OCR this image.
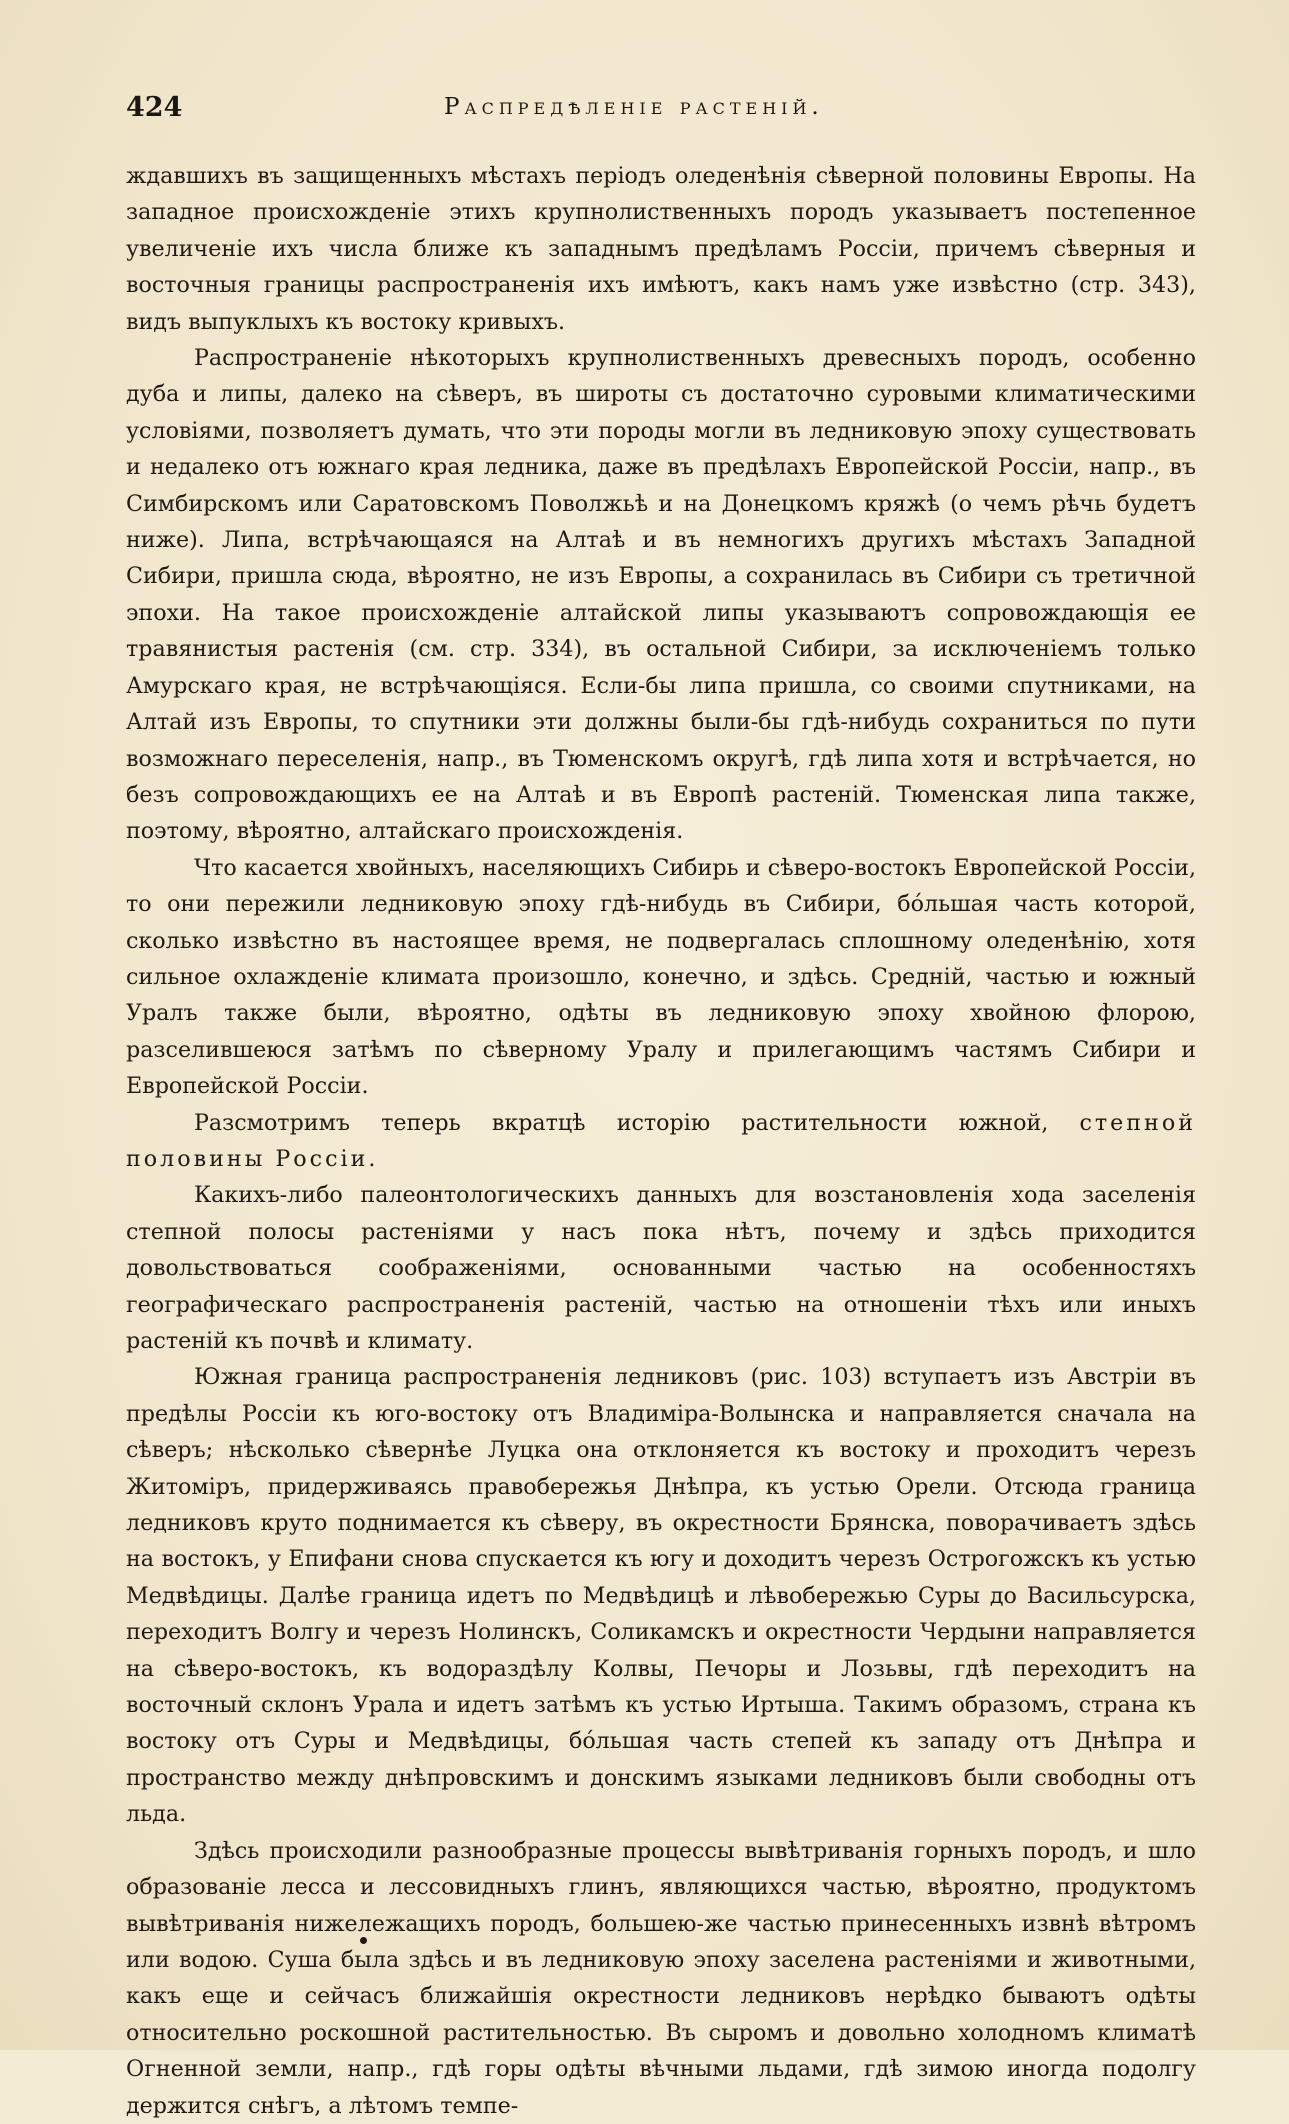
424	Распредѣленіе растеній.

ждавшихъ въ защищенныхъ мѣстахъ періодъ оледенѣнія сѣверной половины Европы. На западное происхожденіе этихъ крупнолиственныхъ породъ указываетъ постепенное увеличеніе ихъ числа ближе къ западнымъ предѣламъ Россіи, причемъ сѣверныя и восточныя границы распространенія ихъ имѣютъ, какъ намъ уже извѣстно (стр. 343), видъ выпуклыхъ къ востоку кривыхъ.

Распространеніе нѣкоторыхъ крупнолиственныхъ древесныхъ породъ, особенно дуба и липы, далеко на сѣверъ, въ широты съ достаточно суровыми климатическими условіями, позволяетъ думать, что эти породы могли въ ледниковую эпоху существовать и недалеко отъ южнаго края ледника, даже въ предѣлахъ Европейской Россіи, напр., въ Симбирскомъ или Саратовскомъ Поволжьѣ и на Донецкомъ кряжѣ (о чемъ рѣчь будетъ ниже). Липа, встрѣчающаяся на Алтаѣ и въ немногихъ другихъ мѣстахъ Западной Сибири, пришла сюда, вѣроятно, не изъ Европы, а сохранилась въ Сибири съ третичной эпохи. На такое происхожденіе алтайской липы указываютъ сопровождающія ее травянистыя растенія (см. стр. 334), въ остальной Сибири, за исключеніемъ только Амурскаго края, не встрѣчающіяся. Если-бы липа пришла, со своими спутниками, на Алтай изъ Европы, то спутники эти должны были-бы гдѣ-нибудь сохраниться по пути возможнаго переселенія, напр., въ Тюменскомъ округѣ, гдѣ липа хотя и встрѣчается, но безъ сопровождающихъ ее на Алтаѣ и въ Европѣ растеній. Тюменская липа также, поэтому, вѣроятно, алтайскаго происхожденія.

Что касается хвойныхъ, населяющихъ Сибирь и сѣверо-востокъ Европейской Россіи, то они пережили ледниковую эпоху гдѣ-нибудь въ Сибири, бо́льшая часть которой, сколько извѣстно въ настоящее время, не подвергалась сплошному оледенѣнію, хотя сильное охлажденіе климата произошло, конечно, и здѣсь. Средній, частью и южный Уралъ также были, вѣроятно, одѣты въ ледниковую эпоху хвойною флорою, разселившеюся затѣмъ по сѣверному Уралу и прилегающимъ частямъ Сибири и Европейской Россіи.

Разсмотримъ теперь вкратцѣ исторію растительности южной, степной половины Россіи.

Какихъ-либо палеонтологическихъ данныхъ для возстановленія хода заселенія степной полосы растеніями у насъ пока нѣтъ, почему и здѣсь приходится довольствоваться соображеніями, основанными частью на особенностяхъ географическаго распространенія растеній, частью на отношеніи тѣхъ или иныхъ растеній къ почвѣ и климату.

Южная граница распространенія ледниковъ (рис. 103) вступаетъ изъ Австріи въ предѣлы Россіи къ юго-востоку отъ Владиміра-Волынска и направляется сначала на сѣверъ; нѣсколько сѣвернѣе Луцка она отклоняется къ востоку и проходитъ черезъ Житоміръ, придерживаясь правобережья Днѣпра, къ устью Орели. Отсюда граница ледниковъ круто поднимается къ сѣверу, въ окрестности Брянска, поворачиваетъ здѣсь на востокъ, у Епифани снова спускается къ югу и доходитъ черезъ Острогожскъ къ устью Медвѣдицы. Далѣе граница идетъ по Медвѣдицѣ и лѣвобережью Суры до Васильсурска, переходитъ Волгу и черезъ Нолинскъ, Соликамскъ и окрестности Чердыни направляется на сѣверо-востокъ, къ водораздѣлу Колвы, Печоры и Лозьвы, гдѣ переходитъ на восточный склонъ Урала и идетъ затѣмъ къ устью Иртыша. Такимъ образомъ, страна къ востоку отъ Суры и Медвѣдицы, бо́льшая часть степей къ западу отъ Днѣпра и пространство между днѣпровскимъ и донскимъ языками ледниковъ были свободны отъ льда.

Здѣсь происходили разнообразные процессы вывѣтриванія горныхъ породъ, и шло образованіе лесса и лессовидныхъ глинъ, являющихся частью, вѣроятно, продуктомъ вывѣтриванія нижележащихъ породъ, большею-же частью принесенныхъ извнѣ вѣтромъ или водою. Суша была здѣсь и въ ледниковую эпоху заселена растеніями и животными, какъ еще и сейчасъ ближайшія окрестности ледниковъ нерѣдко бываютъ одѣты относительно роскошной растительностью. Въ сыромъ и довольно холодномъ климатѣ Огненной земли, напр., гдѣ горы одѣты вѣчными льдами, гдѣ зимою иногда подолгу держится снѣгъ, а лѣтомъ темпе-
